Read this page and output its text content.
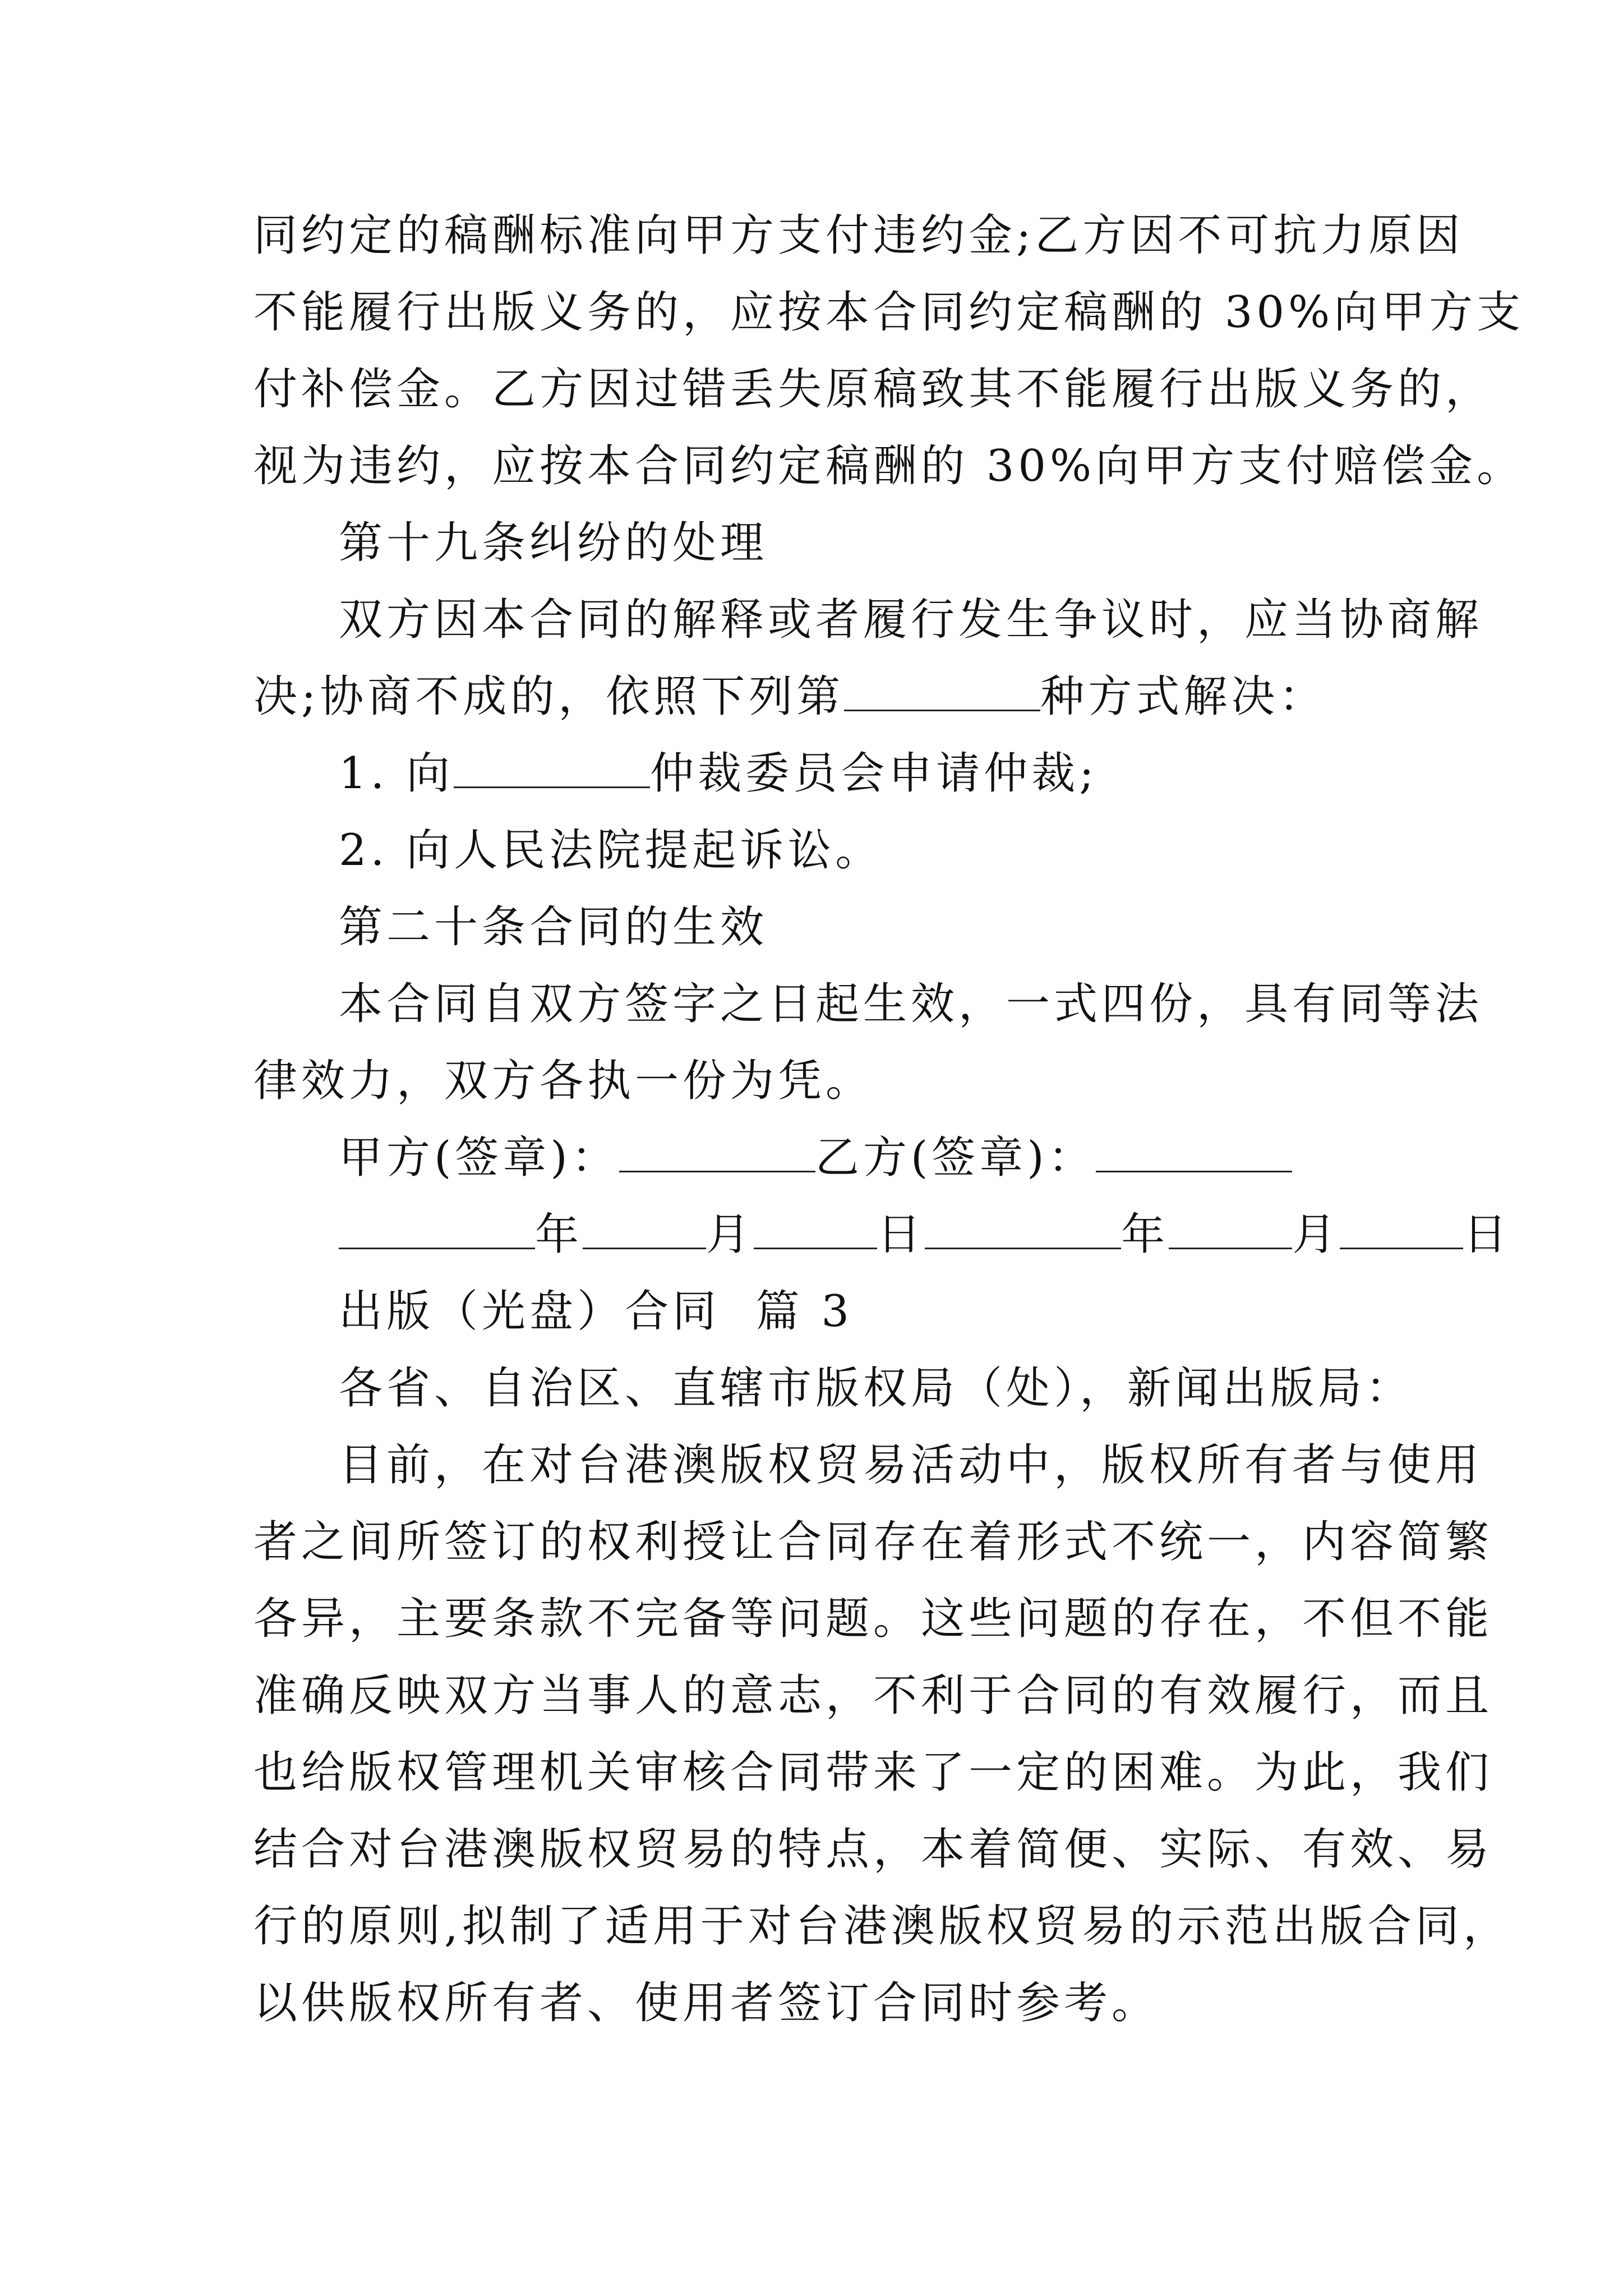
同约定的稿酬标准向甲方支付违约金;乙方因不可抗力原因
不能履行出版义务的，应按本合同约定稿酬的 30%向甲方支
付补偿金。乙方因过错丢失原稿致其不能履行出版义务的，
视为违约，应按本合同约定稿酬的 30%向甲方支付赔偿金。
第十九条纠纷的处理
双方因本合同的解释或者履行发生争议时，应当协商解
决;协商不成的，依照下列第	种方式解决：
1. 向	仲裁委员会申请仲裁;
2. 向人民法院提起诉讼。
第二十条合同的生效
本合同自双方签字之日起生效，一式四份，具有同等法
律效力，双方各执一份为凭。
甲方(签章)：	乙方(签章)：
年	月	日	年	月	日
出版（光盘）合同  篇 3
各省、自治区、直辖市版权局（处），新闻出版局：
目前，在对台港澳版权贸易活动中，版权所有者与使用
者之间所签订的权利授让合同存在着形式不统一，内容简繁
各异，主要条款不完备等问题。这些问题的存在，不但不能
准确反映双方当事人的意志，不利于合同的有效履行，而且
也给版权管理机关审核合同带来了一定的困难。为此，我们
结合对台港澳版权贸易的特点，本着简便、实际、有效、易
行的原则,拟制了适用于对台港澳版权贸易的示范出版合同，
以供版权所有者、使用者签订合同时参考。
